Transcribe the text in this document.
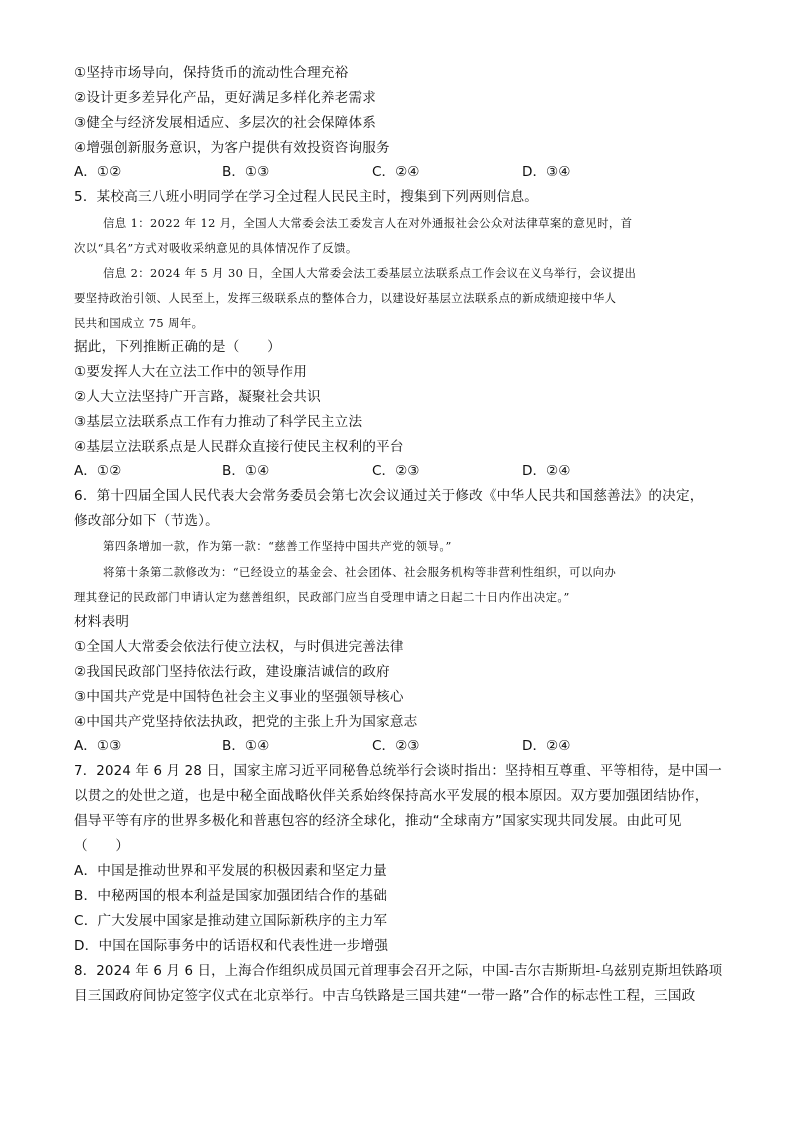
①坚持市场导向，保持货币的流动性合理充裕
②设计更多差异化产品，更好满足多样化养老需求
③健全与经济发展相适应、多层次的社会保障体系
④增强创新服务意识，为客户提供有效投资咨询服务
A．①②	B．①③	C．②④	D．③④
5．某校高三八班小明同学在学习全过程人民民主时，搜集到下列两则信息。
信息 1：2022 年 12 月，全国人大常委会法工委发言人在对外通报社会公众对法律草案的意见时，首
次以“具名”方式对吸收采纳意见的具体情况作了反馈。
信息 2：2024 年 5 月 30 日，全国人大常委会法工委基层立法联系点工作会议在义乌举行，会议提出
要坚持政治引领、人民至上，发挥三级联系点的整体合力，以建设好基层立法联系点的新成绩迎接中华人
民共和国成立 75 周年。
据此，下列推断正确的是（　　）
①要发挥人大在立法工作中的领导作用
②人大立法坚持广开言路，凝聚社会共识
③基层立法联系点工作有力推动了科学民主立法
④基层立法联系点是人民群众直接行使民主权利的平台
A．①②	B．①④	C．②③	D．②④
6．第十四届全国人民代表大会常务委员会第七次会议通过关于修改《中华人民共和国慈善法》的决定，
修改部分如下（节选）。
第四条增加一款，作为第一款：“慈善工作坚持中国共产党的领导。”
将第十条第二款修改为：“已经设立的基金会、社会团体、社会服务机构等非营利性组织，可以向办
理其登记的民政部门申请认定为慈善组织，民政部门应当自受理申请之日起二十日内作出决定。”
材料表明
①全国人大常委会依法行使立法权，与时俱进完善法律
②我国民政部门坚持依法行政，建设廉洁诚信的政府
③中国共产党是中国特色社会主义事业的坚强领导核心
④中国共产党坚持依法执政，把党的主张上升为国家意志
A．①③	B．①④	C．②③	D．②④
7．2024 年 6 月 28 日，国家主席习近平同秘鲁总统举行会谈时指出：坚持相互尊重、平等相待，是中国一
以贯之的处世之道，也是中秘全面战略伙伴关系始终保持高水平发展的根本原因。双方要加强团结协作，
倡导平等有序的世界多极化和普惠包容的经济全球化，推动“全球南方”国家实现共同发展。由此可见
（　　）
A．中国是推动世界和平发展的积极因素和坚定力量
B．中秘两国的根本利益是国家加强团结合作的基础
C．广大发展中国家是推动建立国际新秩序的主力军
D．中国在国际事务中的话语权和代表性进一步增强
8．2024 年 6 月 6 日，上海合作组织成员国元首理事会召开之际，中国-吉尔吉斯斯坦-乌兹别克斯坦铁路项
目三国政府间协定签字仪式在北京举行。中吉乌铁路是三国共建“一带一路”合作的标志性工程，三国政
